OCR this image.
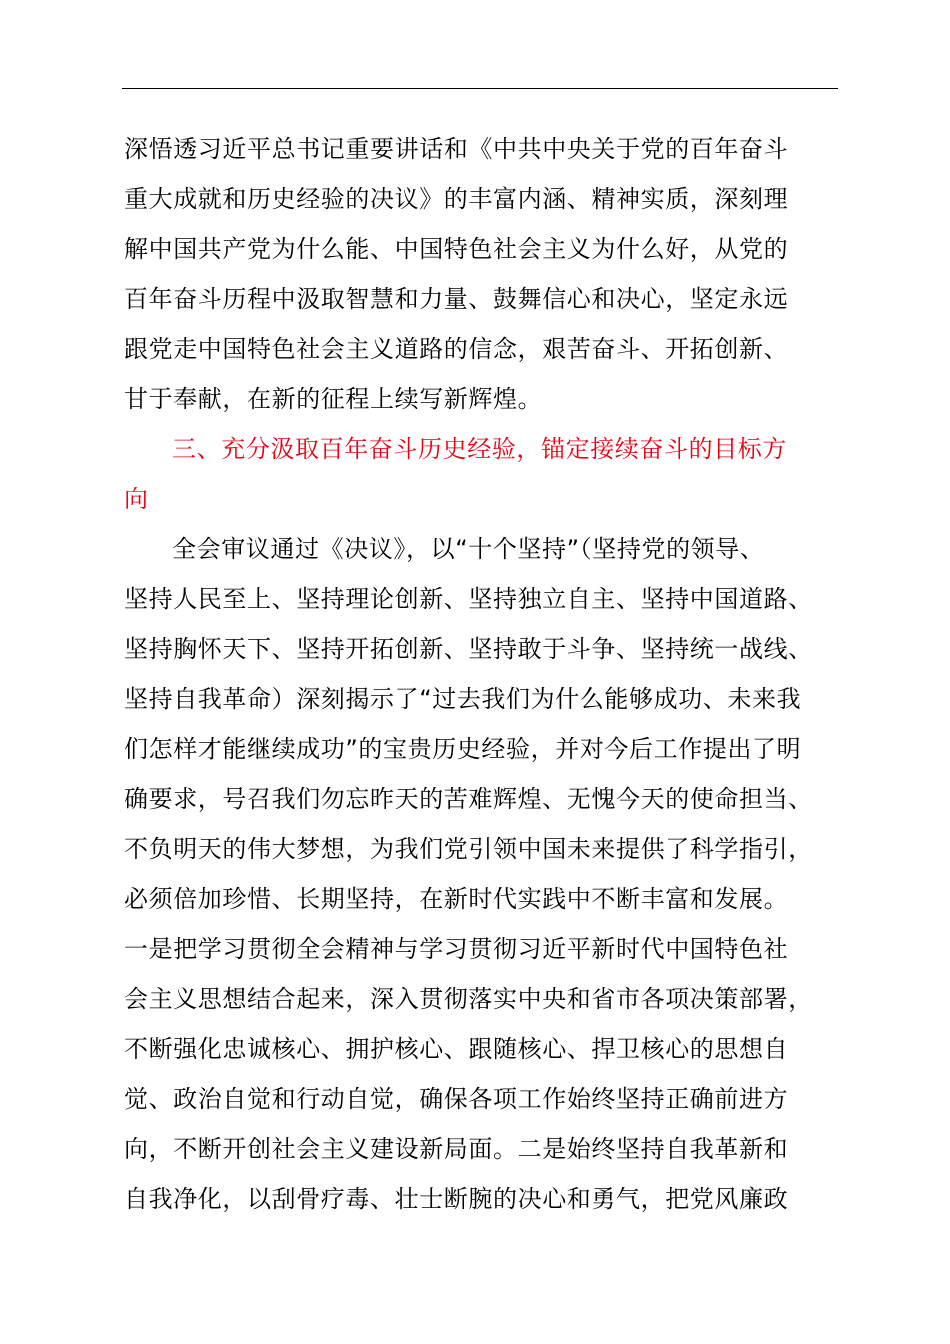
深悟透习近平总书记重要讲话和《中共中央关于党的百年奋斗
重大成就和历史经验的决议》的丰富内涵、精神实质，深刻理
解中国共产党为什么能、中国特色社会主义为什么好，从党的
百年奋斗历程中汲取智慧和力量、鼓舞信心和决心，坚定永远
跟党走中国特色社会主义道路的信念，艰苦奋斗、开拓创新、
甘于奉献，在新的征程上续写新辉煌。
三、充分汲取百年奋斗历史经验，锚定接续奋斗的目标方
向
全会审议通过《决议》，以“十个坚持”（坚持党的领导、
坚持人民至上、坚持理论创新、坚持独立自主、坚持中国道路、
坚持胸怀天下、坚持开拓创新、坚持敢于斗争、坚持统一战线、
坚持自我革命）深刻揭示了“过去我们为什么能够成功、未来我
们怎样才能继续成功”的宝贵历史经验，并对今后工作提出了明
确要求，号召我们勿忘昨天的苦难辉煌、无愧今天的使命担当、
不负明天的伟大梦想，为我们党引领中国未来提供了科学指引，
必须倍加珍惜、长期坚持，在新时代实践中不断丰富和发展。
一是把学习贯彻全会精神与学习贯彻习近平新时代中国特色社
会主义思想结合起来，深入贯彻落实中央和省市各项决策部署，
不断强化忠诚核心、拥护核心、跟随核心、捍卫核心的思想自
觉、政治自觉和行动自觉，确保各项工作始终坚持正确前进方
向，不断开创社会主义建设新局面。二是始终坚持自我革新和
自我净化，以刮骨疗毒、壮士断腕的决心和勇气，把党风廉政
